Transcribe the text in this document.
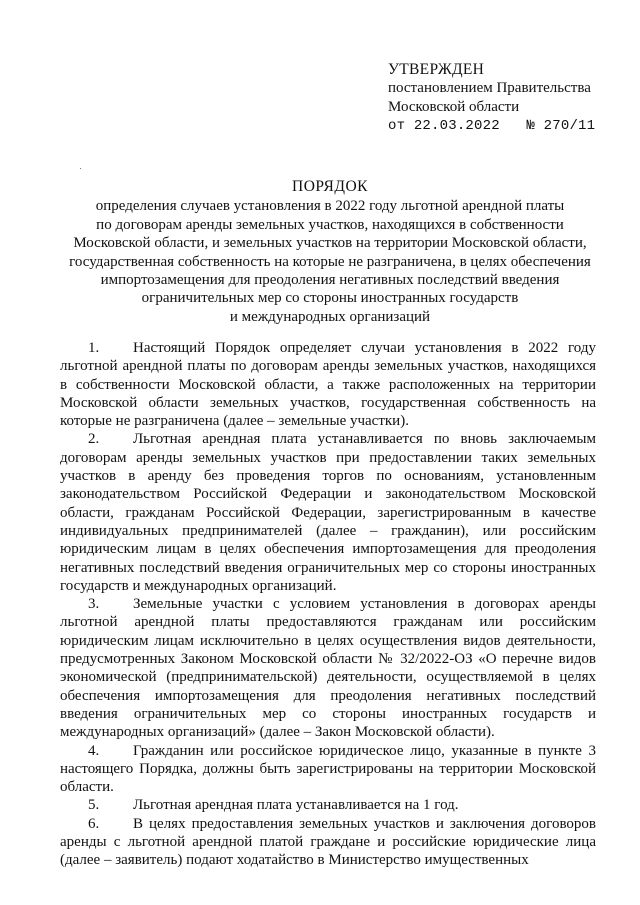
УТВЕРЖДЕН
постановлением Правительства
Московской области
от 22.03.2022 № 270/11
ПОРЯДОК
определения случаев установления в 2022 году льготной арендной платы
по договорам аренды земельных участков, находящихся в собственности
Московской области, и земельных участков на территории Московской области,
государственная собственность на которые не разграничена, в целях обеспечения
импортозамещения для преодоления негативных последствий введения
ограничительных мер со стороны иностранных государств
и международных организаций

1. Настоящий Порядок определяет случаи установления в 2022 году льготной арендной платы по договорам аренды земельных участков, находящихся в собственности Московской области, а также расположенных на территории Московской области земельных участков, государственная собственность на которые не разграничена (далее – земельные участки).

2. Льготная арендная плата устанавливается по вновь заключаемым договорам аренды земельных участков при предоставлении таких земельных участков в аренду без проведения торгов по основаниям, установленным законодательством Российской Федерации и законодательством Московской области, гражданам Российской Федерации, зарегистрированным в качестве индивидуальных предпринимателей (далее – гражданин), или российским юридическим лицам в целях обеспечения импортозамещения для преодоления негативных последствий введения ограничительных мер со стороны иностранных государств и международных организаций.

3. Земельные участки с условием установления в договорах аренды льготной арендной платы предоставляются гражданам или российским юридическим лицам исключительно в целях осуществления видов деятельности, предусмотренных Законом Московской области № 32/2022-ОЗ «О перечне видов экономической (предпринимательской) деятельности, осуществляемой в целях обеспечения импортозамещения для преодоления негативных последствий введения ограничительных мер со стороны иностранных государств и международных организаций» (далее – Закон Московской области).

4. Гражданин или российское юридическое лицо, указанные в пункте 3 настоящего Порядка, должны быть зарегистрированы на территории Московской области.

5. Льготная арендная плата устанавливается на 1 год.

6. В целях предоставления земельных участков и заключения договоров аренды с льготной арендной платой граждане и российские юридические лица (далее – заявитель) подают ходатайство в Министерство имущественных
